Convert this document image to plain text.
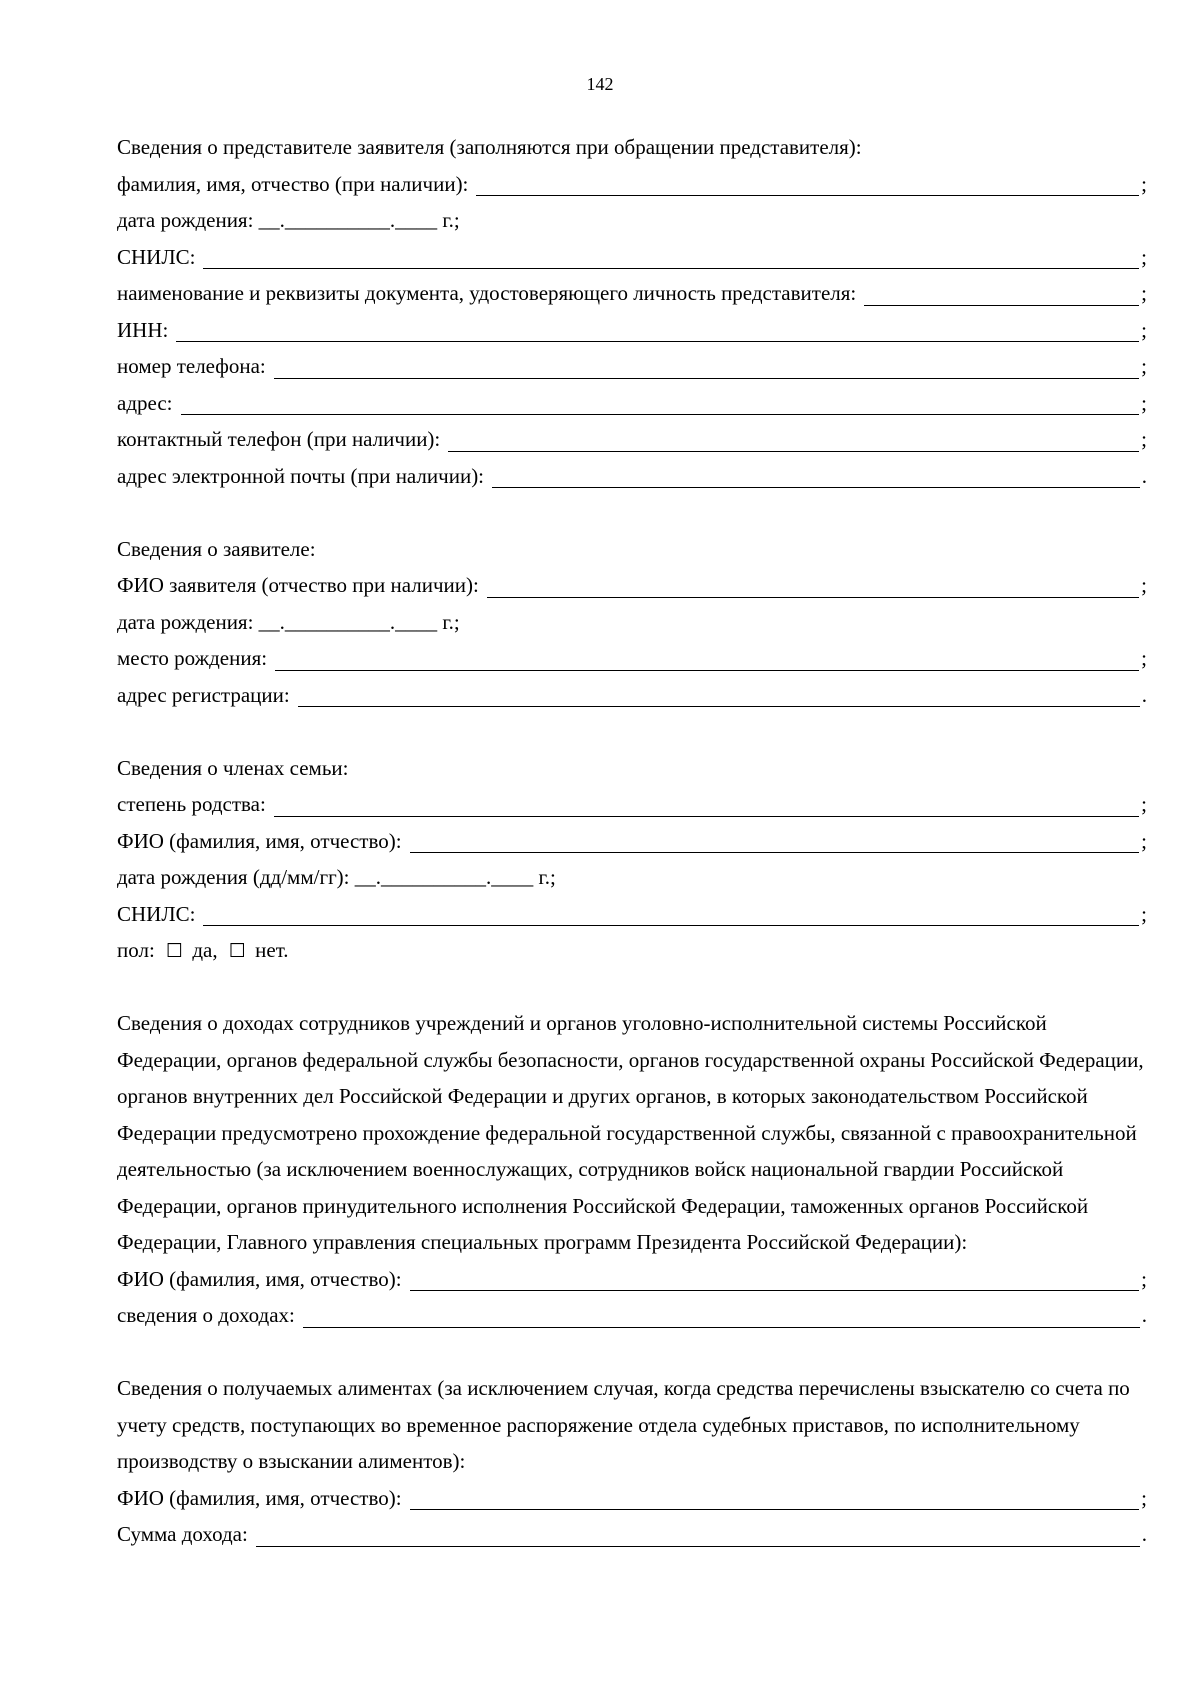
142
Сведения о представителе заявителя (заполняются при обращении представителя):
фамилия, имя, отчество (при наличии):	;
дата рождения: __.__________.____ г.;
СНИЛС:	;
наименование и реквизиты документа, удостоверяющего личность представителя:	;
ИНН:	;
номер телефона:	;
адрес:	;
контактный телефон (при наличии):	;
адрес электронной почты (при наличии):	.
Сведения о заявителе:
ФИО заявителя (отчество при наличии):	;
дата рождения: __.__________.____ г.;
место рождения:	;
адрес регистрации:	.
Сведения о членах семьи:
степень родства:	;
ФИО (фамилия, имя, отчество):	;
дата рождения (дд/мм/гг): __.__________.____ г.;
СНИЛС:	;
пол: ☐ да, ☐ нет.
Сведения о доходах сотрудников учреждений и органов уголовно-исполнительной системы Российской Федерации, органов федеральной службы безопасности, органов государственной охраны Российской Федерации, органов внутренних дел Российской Федерации и других органов, в которых законодательством Российской Федерации предусмотрено прохождение федеральной государственной службы, связанной с правоохранительной деятельностью (за исключением военнослужащих, сотрудников войск национальной гвардии Российской Федерации, органов принудительного исполнения Российской Федерации, таможенных органов Российской Федерации, Главного управления специальных программ Президента Российской Федерации):
ФИО (фамилия, имя, отчество):	;
сведения о доходах:	.
Сведения о получаемых алиментах (за исключением случая, когда средства перечислены взыскателю со счета по учету средств, поступающих во временное распоряжение отдела судебных приставов, по исполнительному производству о взыскании алиментов):
ФИО (фамилия, имя, отчество):	;
Сумма дохода:	.
